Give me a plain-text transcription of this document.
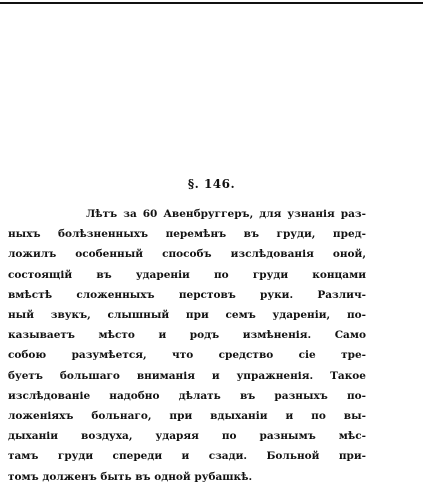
§. 146.
Лѣтъ за 60 Авенбруггеръ, для узнанія раз-
ныхъ болѣзненныхъ перемѣнъ въ груди, пред-
ложилъ особенный способъ изслѣдованія оной,
состоящій въ ударенiи по груди концами
вмѣстѣ сложенныхъ перстовъ руки. Различ-
ный звукъ, слышный при семъ ударенiи, по-
казываетъ мѣсто и родъ измѣненія. Само
собою разумѣется, что средство сiе тре-
буетъ большаго вниманія и упражненія. Такое
изслѣдованіе надобно дѣлать въ разныхъ по-
ложеніяхъ больнаго, при вдыханiи и по вы-
дыханіи воздуха, ударяя по разнымъ мѣс-
тамъ груди спереди и сзади. Больной при-
томъ долженъ быть въ одной рубашкѣ.
